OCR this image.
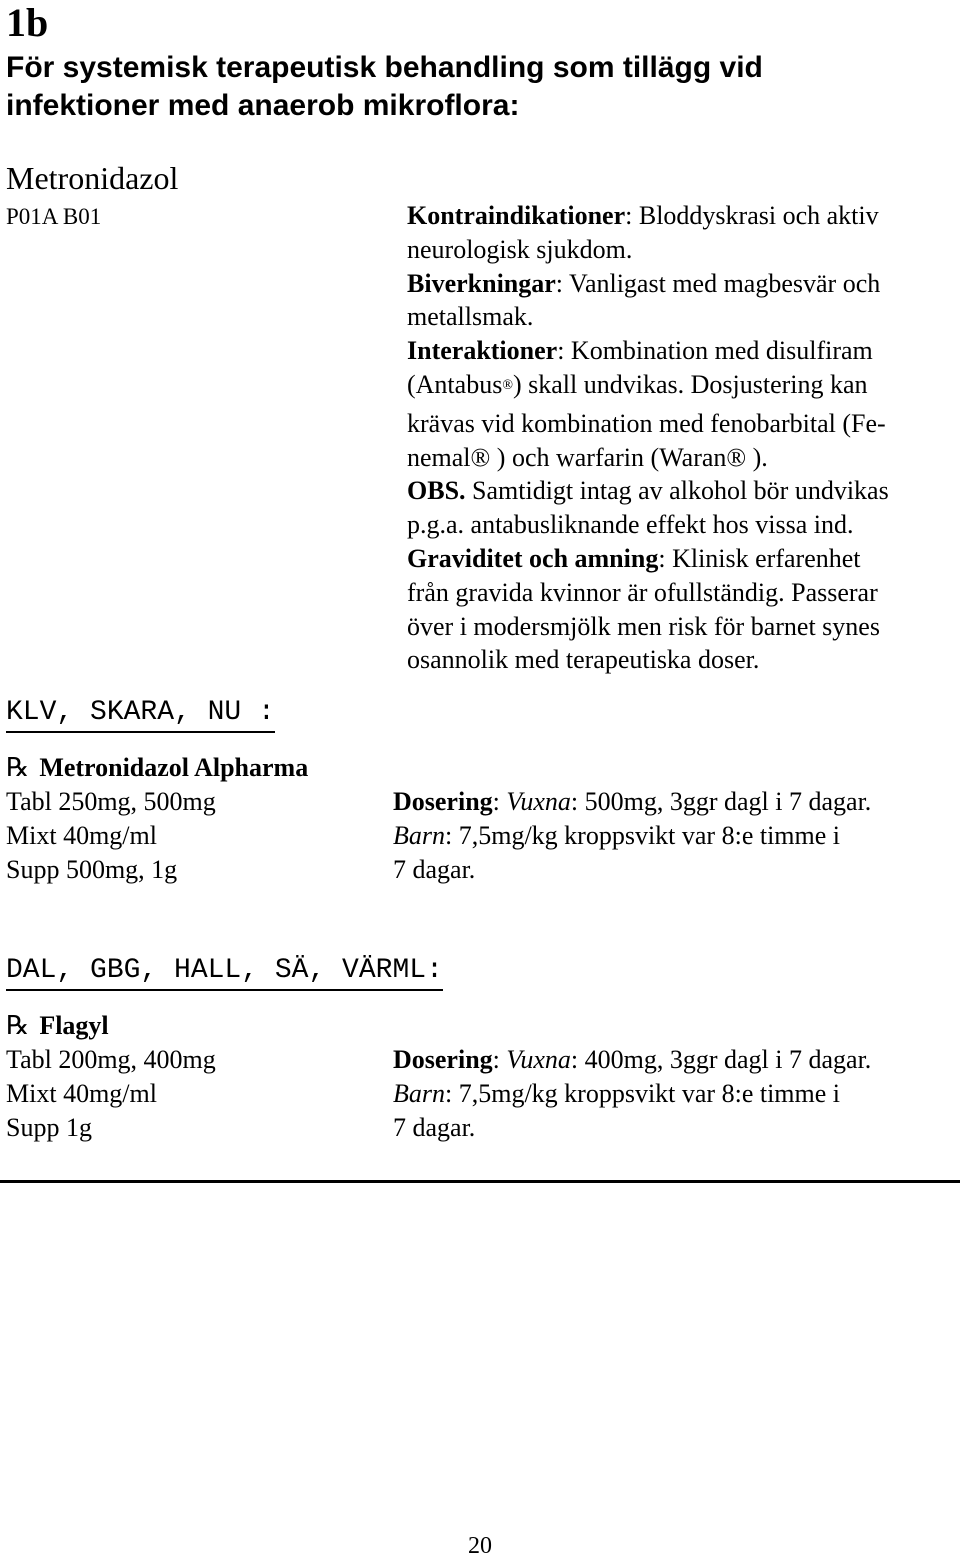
1b
För systemisk terapeutisk behandling som tillägg vid
infektioner med anaerob mikroflora:
Metronidazol
P01A B01	Kontraindikationer: Bloddyskrasi och aktiv
neurologisk sjukdom.
Biverkningar: Vanligast med magbesvär och
metallsmak.
Interaktioner: Kombination med disulfiram
(Antabus®) skall undvikas. Dosjustering kan
krävas vid kombination med fenobarbital (Fe-
nemal® ) och warfarin (Waran® ).
OBS. Samtidigt intag av alkohol bör undvikas
p.g.a. antabusliknande effekt hos vissa ind.
Graviditet och amning: Klinisk erfarenhet
från gravida kvinnor är ofullständig. Passerar
över i modersmjölk men risk för barnet synes
osannolik med terapeutiska doser.
KLV, SKARA, NU :
℞ Metronidazol Alpharma
Tabl 250mg, 500mg
Mixt 40mg/ml
Supp 500mg, 1g
Dosering: Vuxna: 500mg, 3ggr dagl i 7 dagar.
Barn: 7,5mg/kg kroppsvikt var 8:e timme i
7 dagar.
DAL, GBG, HALL, SÄ, VÄRML:
℞ Flagyl
Tabl 200mg, 400mg
Mixt 40mg/ml
Supp 1g
Dosering: Vuxna: 400mg, 3ggr dagl i 7 dagar.
Barn: 7,5mg/kg kroppsvikt var 8:e timme i
7 dagar.
20
